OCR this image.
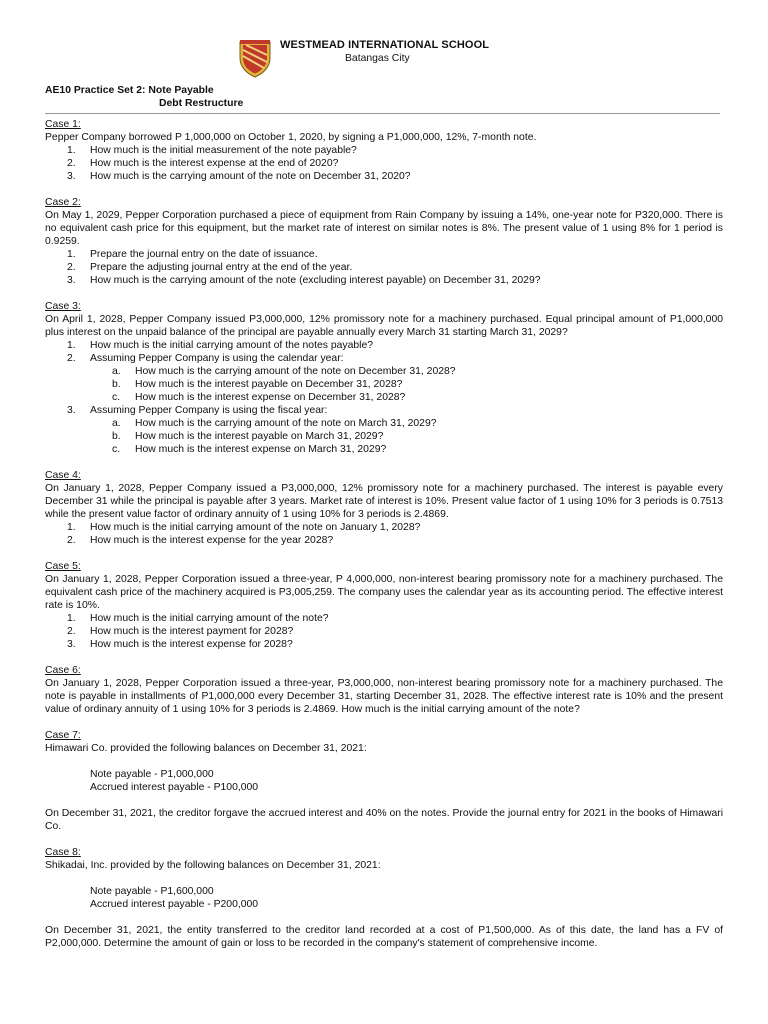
WESTMEAD INTERNATIONAL SCHOOL
Batangas City
AE10 Practice Set 2: Note Payable
Debt Restructure
Case 1:

Pepper Company borrowed P 1,000,000 on October 1, 2020, by signing a P1,000,000, 12%, 7-month note.

1. How much is the initial measurement of the note payable?
2. How much is the interest expense at the end of 2020?
3. How much is the carrying amount of the note on December 31, 2020?
Case 2:

On May 1, 2029, Pepper Corporation purchased a piece of equipment from Rain Company by issuing a 14%, one-year note for P320,000. There is no equivalent cash price for this equipment, but the market rate of interest on similar notes is 8%. The present value of 1 using 8% for 1 period is 0.9259.

1. Prepare the journal entry on the date of issuance.
2. Prepare the adjusting journal entry at the end of the year.
3. How much is the carrying amount of the note (excluding interest payable) on December 31, 2029?
Case 3:

On April 1, 2028, Pepper Company issued P3,000,000, 12% promissory note for a machinery purchased. Equal principal amount of P1,000,000 plus interest on the unpaid balance of the principal are payable annually every March 31 starting March 31, 2029?

1. How much is the initial carrying amount of the notes payable?
2. Assuming Pepper Company is using the calendar year:
a. How much is the carrying amount of the note on December 31, 2028?
b. How much is the interest payable on December 31, 2028?
c. How much is the interest expense on December 31, 2028?
3. Assuming Pepper Company is using the fiscal year:
a. How much is the carrying amount of the note on March 31, 2029?
b. How much is the interest payable on March 31, 2029?
c. How much is the interest expense on March 31, 2029?
Case 4:

On January 1, 2028, Pepper Company issued a P3,000,000, 12% promissory note for a machinery purchased. The interest is payable every December 31 while the principal is payable after 3 years. Market rate of interest is 10%. Present value factor of 1 using 10% for 3 periods is 0.7513 while the present value factor of ordinary annuity of 1 using 10% for 3 periods is 2.4869.

1. How much is the initial carrying amount of the note on January 1, 2028?
2. How much is the interest expense for the year 2028?
Case 5:

On January 1, 2028, Pepper Corporation issued a three-year, P 4,000,000, non-interest bearing promissory note for a machinery purchased. The equivalent cash price of the machinery acquired is P3,005,259. The company uses the calendar year as its accounting period. The effective interest rate is 10%.

1. How much is the initial carrying amount of the note?
2. How much is the interest payment for 2028?
3. How much is the interest expense for 2028?
Case 6:

On January 1, 2028, Pepper Corporation issued a three-year, P3,000,000, non-interest bearing promissory note for a machinery purchased. The note is payable in installments of P1,000,000 every December 31, starting December 31, 2028. The effective interest rate is 10% and the present value of ordinary annuity of 1 using 10% for 3 periods is 2.4869. How much is the initial carrying amount of the note?

Case 7:

Himawari Co. provided the following balances on December 31, 2021:

Note payable - P1,000,000
Accrued interest payable - P100,000

On December 31, 2021, the creditor forgave the accrued interest and 40% on the notes. Provide the journal entry for 2021 in the books of Himawari Co.

Case 8:

Shikadai, Inc. provided by the following balances on December 31, 2021:

Note payable - P1,600,000
Accrued interest payable - P200,000

On December 31, 2021, the entity transferred to the creditor land recorded at a cost of P1,500,000. As of this date, the land has a FV of P2,000,000. Determine the amount of gain or loss to be recorded in the company's statement of comprehensive income.
